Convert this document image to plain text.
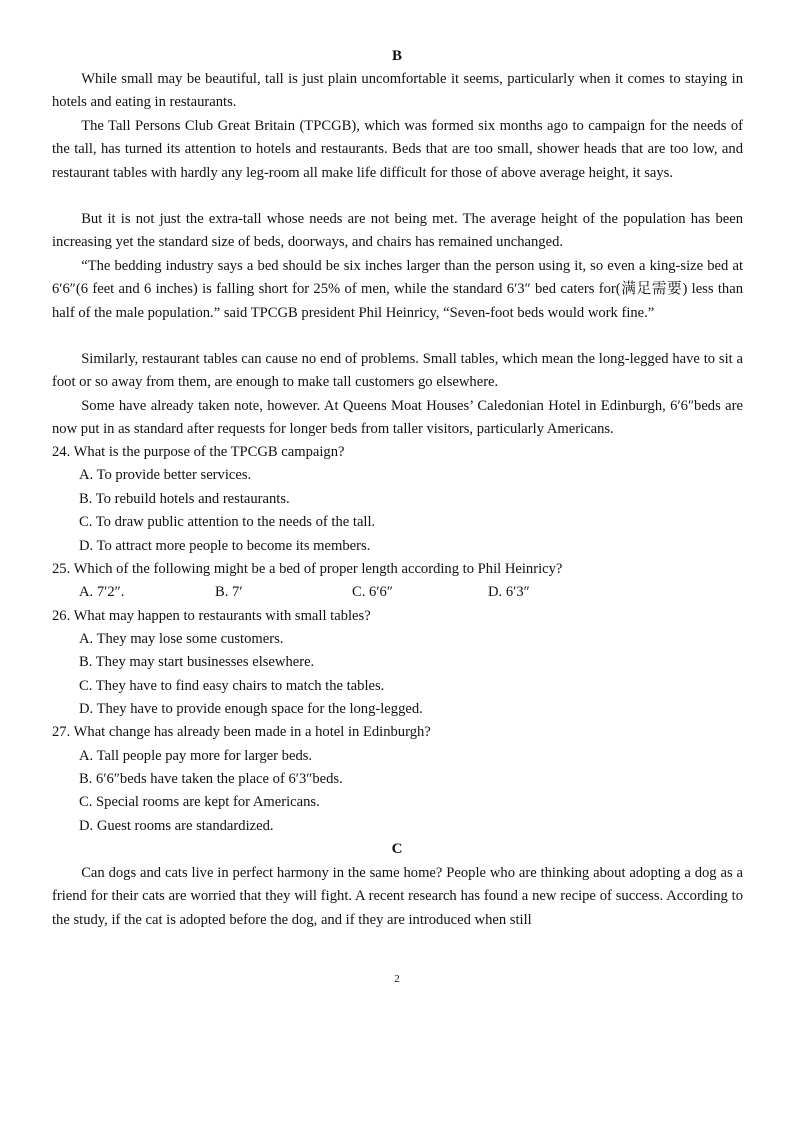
B

While small may be beautiful, tall is just plain uncomfortable it seems, particularly when it comes to staying in hotels and eating in restaurants.

The Tall Persons Club Great Britain (TPCGB), which was formed six months ago to campaign for the needs of the tall, has turned its attention to hotels and restaurants. Beds that are too small, shower heads that are too low, and restaurant tables with hardly any leg-room all make life difficult for those of above average height, it says.

But it is not just the extra-tall whose needs are not being met. The average height of the population has been increasing yet the standard size of beds, doorways, and chairs has remained unchanged.

“The bedding industry says a bed should be six inches larger than the person using it, so even a king-size bed at 6′6″(6 feet and 6 inches) is falling short for 25% of men, while the standard 6′3″ bed caters for(满足需要) less than half of the male population.” said TPCGB president Phil Heinricy, “Seven-foot beds would work fine.”

Similarly, restaurant tables can cause no end of problems. Small tables, which mean the long-legged have to sit a foot or so away from them, are enough to make tall customers go elsewhere.

Some have already taken note, however. At Queens Moat Houses’ Caledonian Hotel in Edinburgh, 6′6″beds are now put in as standard after requests for longer beds from taller visitors, particularly Americans.

24. What is the purpose of the TPCGB campaign?

A. To provide better services.

B. To rebuild hotels and restaurants.

C. To draw public attention to the needs of the tall.

D. To attract more people to become its members.

25. Which of the following might be a bed of proper length according to Phil Heinricy?

A. 7′2″.	B. 7′	C. 6′6″	D. 6′3″

26. What may happen to restaurants with small tables?

A. They may lose some customers.

B. They may start businesses elsewhere.

C. They have to find easy chairs to match the tables.

D. They have to provide enough space for the long-legged.

27. What change has already been made in a hotel in Edinburgh?

A. Tall people pay more for larger beds.

B. 6′6″beds have taken the place of 6′3″beds.

C. Special rooms are kept for Americans.

D. Guest rooms are standardized.

C

Can dogs and cats live in perfect harmony in the same home? People who are thinking about adopting a dog as a friend for their cats are worried that they will fight. A recent research has found a new recipe of success. According to the study, if the cat is adopted before the dog, and if they are introduced when still

2
